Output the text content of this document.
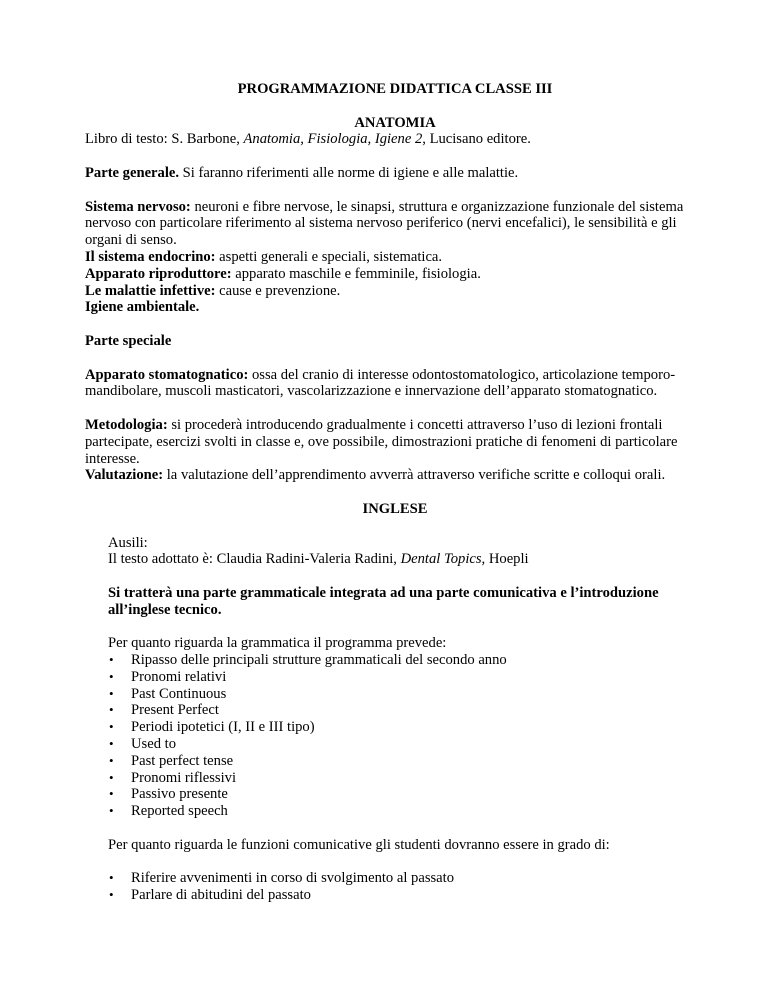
PROGRAMMAZIONE DIDATTICA CLASSE III

ANATOMIA

Libro di testo: S. Barbone, Anatomia, Fisiologia, Igiene 2, Lucisano editore.

Parte generale. Si faranno riferimenti alle norme di igiene e alle malattie.

Sistema nervoso: neuroni e fibre nervose, le sinapsi, struttura e organizzazione funzionale del sistema nervoso con particolare riferimento al sistema nervoso periferico (nervi encefalici), le sensibilità e gli organi di senso.

Il sistema endocrino: aspetti generali e speciali, sistematica.

Apparato riproduttore: apparato maschile e femminile, fisiologia.

Le malattie infettive: cause e prevenzione.

Igiene ambientale.

Parte speciale

Apparato stomatognatico: ossa del cranio di interesse odontostomatologico, articolazione temporo-mandibolare, muscoli masticatori, vascolarizzazione e innervazione dell’apparato stomatognatico.

Metodologia: si procederà introducendo gradualmente i concetti attraverso l’uso di lezioni frontali partecipate, esercizi svolti in classe e, ove possibile, dimostrazioni pratiche di fenomeni di particolare interesse.

Valutazione: la valutazione dell’apprendimento avverrà attraverso verifiche scritte e colloqui orali.

INGLESE

Ausili:

Il testo adottato è: Claudia Radini-Valeria Radini, Dental Topics, Hoepli

Si tratterà una parte grammaticale integrata ad una parte comunicativa e l’introduzione all’inglese tecnico.

Per quanto riguarda la grammatica il programma prevede:

• Ripasso delle principali strutture grammaticali del secondo anno
• Pronomi relativi
• Past Continuous
• Present Perfect
• Periodi ipotetici (I, II e III tipo)
• Used to
• Past perfect tense
• Pronomi riflessivi
• Passivo presente
• Reported speech

Per quanto riguarda le funzioni comunicative gli studenti dovranno essere in grado di:

• Riferire avvenimenti in corso di svolgimento al passato
• Parlare di abitudini del passato
